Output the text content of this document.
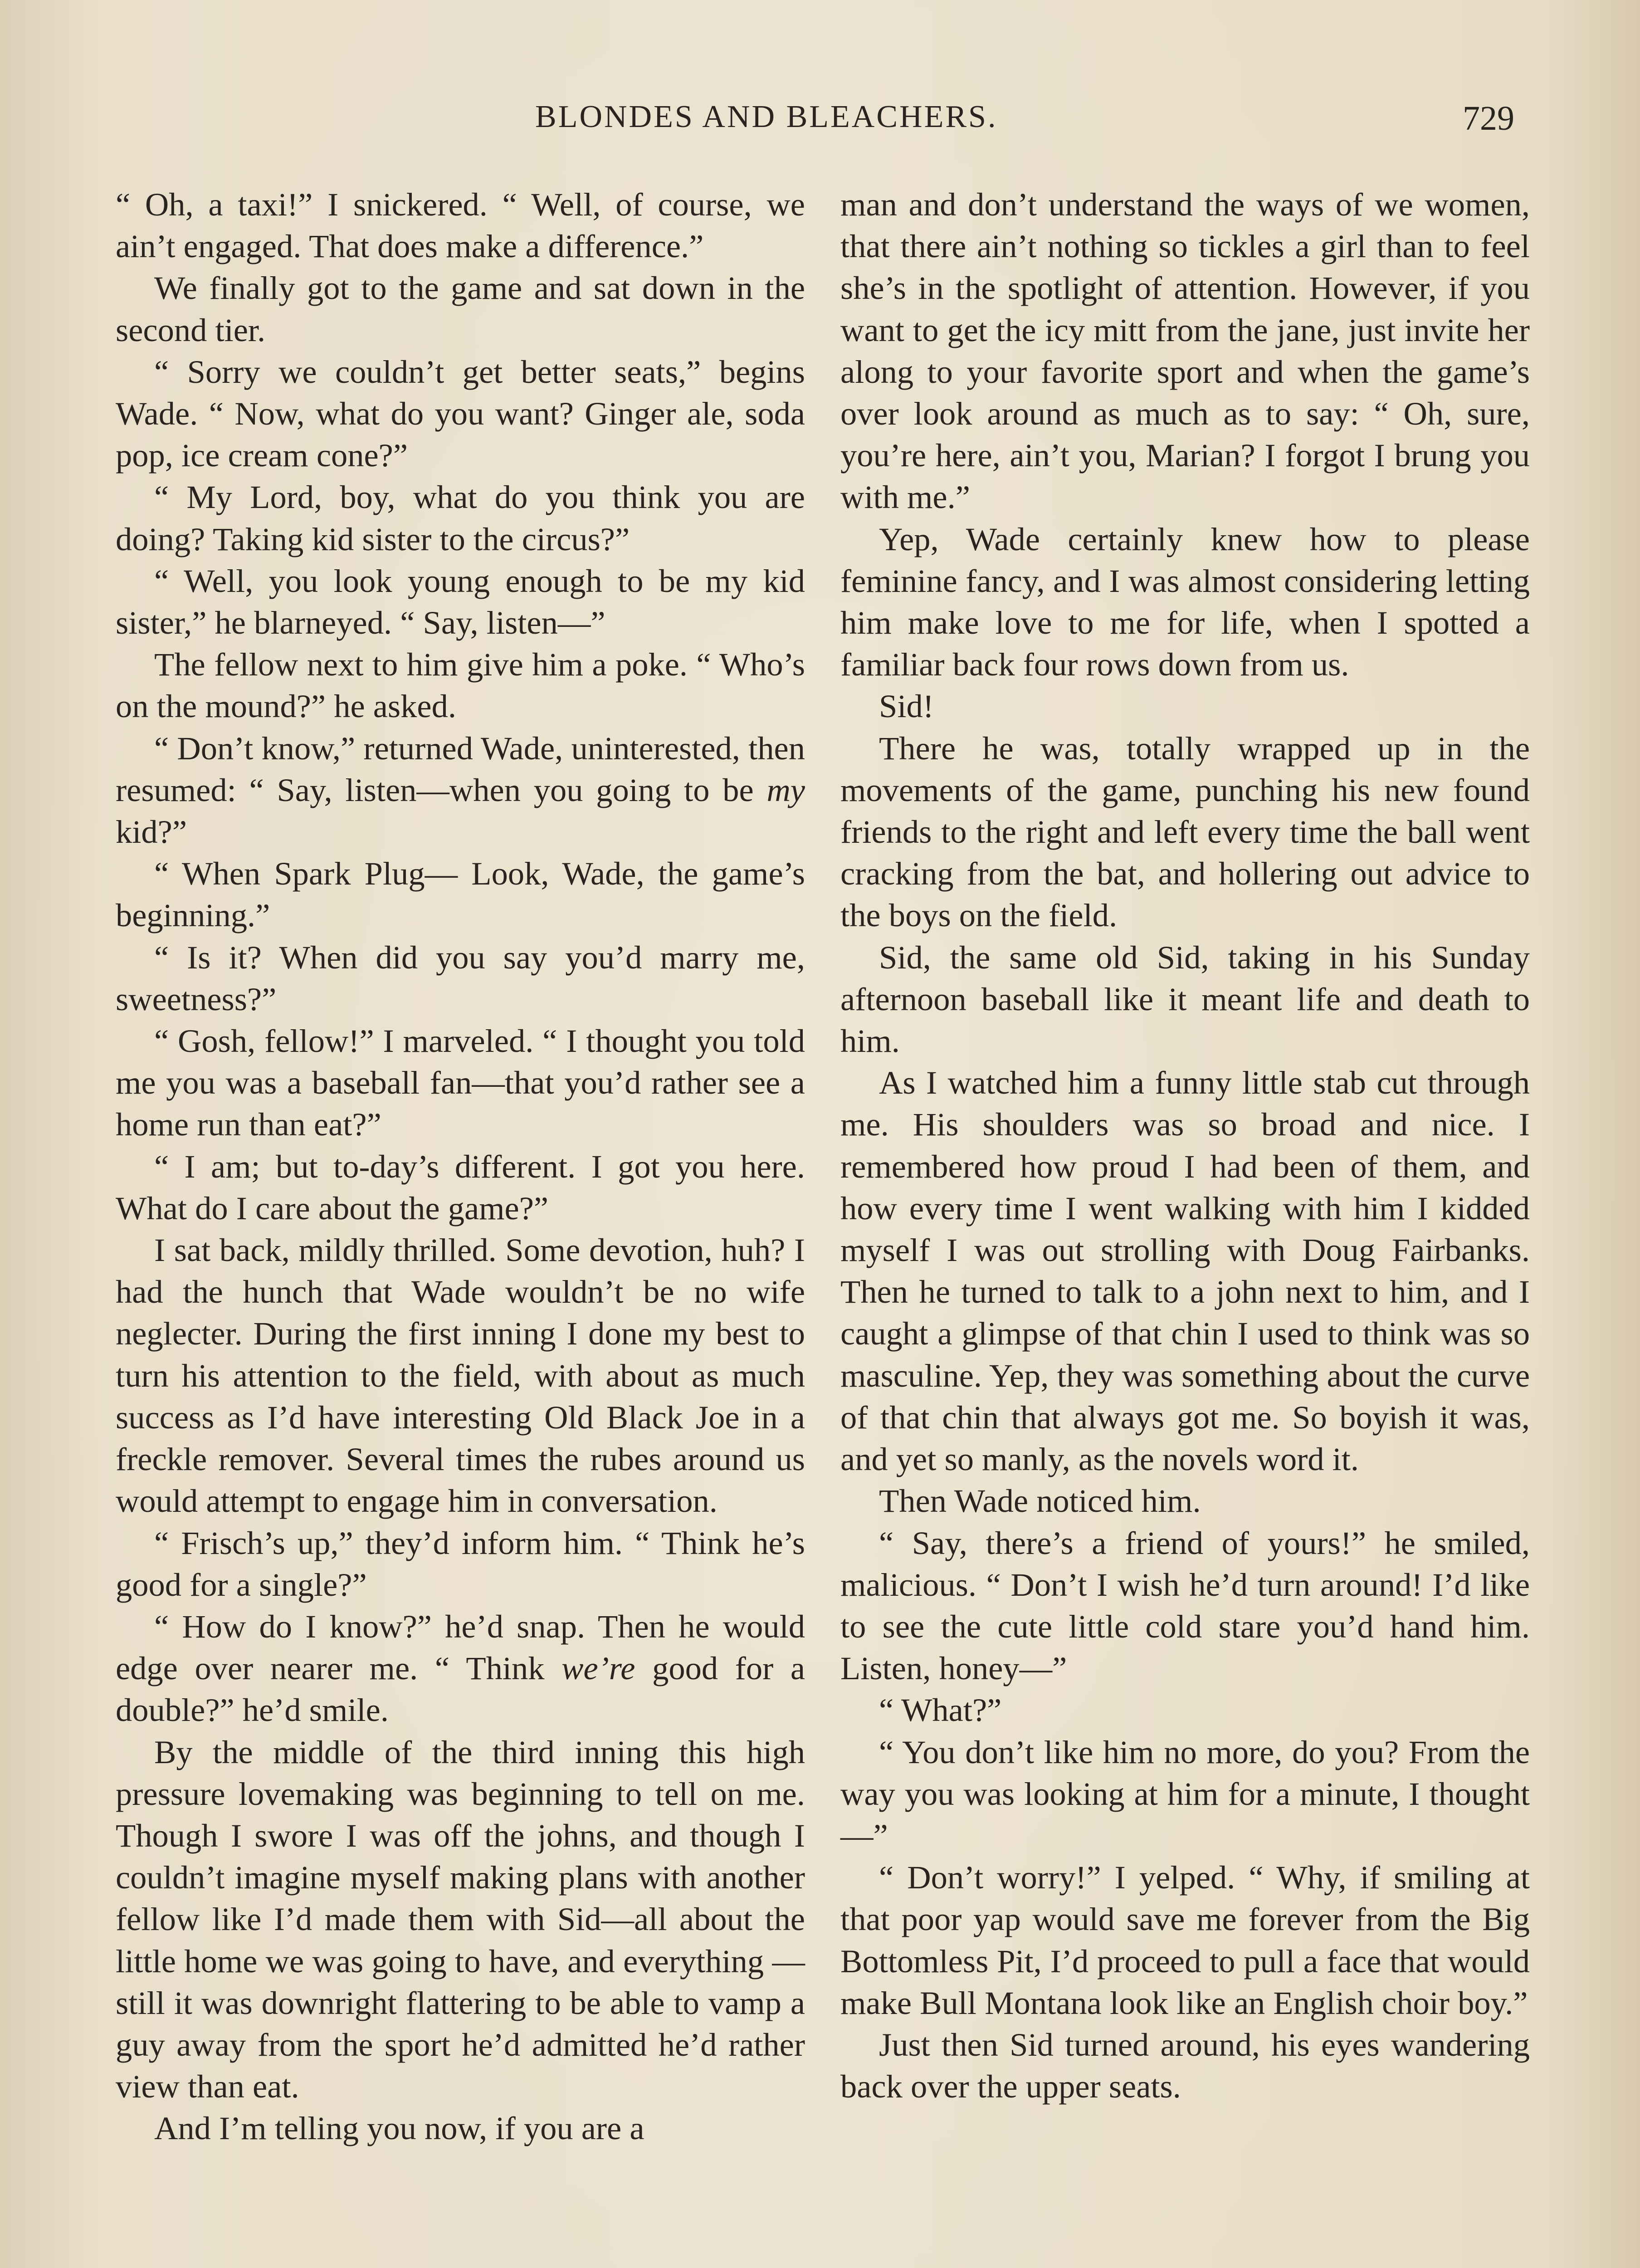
BLONDES AND BLEACHERS.	729

“ Oh, a taxi!” I snickered. “ Well, of course, we ain’t engaged. That does make a difference.”

We finally got to the game and sat down in the second tier.

“ Sorry we couldn’t get better seats,” begins Wade. “ Now, what do you want? Ginger ale, soda pop, ice cream cone?”

“ My Lord, boy, what do you think you are doing? Taking kid sister to the circus?”

“ Well, you look young enough to be my kid sister,” he blarneyed. “ Say, listen—”

The fellow next to him give him a poke. “ Who’s on the mound?” he asked.

“ Don’t know,” returned Wade, uninterested, then resumed: “ Say, listen—when you going to be my kid?”

“ When Spark Plug— Look, Wade, the game’s beginning.”

“ Is it? When did you say you’d marry me, sweetness?”

“ Gosh, fellow!” I marveled. “ I thought you told me you was a baseball fan—that you’d rather see a home run than eat?”

“ I am; but to-day’s different. I got you here. What do I care about the game?”

I sat back, mildly thrilled. Some devotion, huh? I had the hunch that Wade wouldn’t be no wife neglecter. During the first inning I done my best to turn his attention to the field, with about as much success as I’d have interesting Old Black Joe in a freckle remover. Several times the rubes around us would attempt to engage him in conversation.

“ Frisch’s up,” they’d inform him. “ Think he’s good for a single?”

“ How do I know?” he’d snap. Then he would edge over nearer me. “ Think we’re good for a double?” he’d smile.

By the middle of the third inning this high pressure lovemaking was beginning to tell on me. Though I swore I was off the johns, and though I couldn’t imagine myself making plans with another fellow like I’d made them with Sid—all about the little home we was going to have, and everything —still it was downright flattering to be able to vamp a guy away from the sport he’d admitted he’d rather view than eat.

And I’m telling you now, if you are a

man and don’t understand the ways of we women, that there ain’t nothing so tickles a girl than to feel she’s in the spotlight of attention. However, if you want to get the icy mitt from the jane, just invite her along to your favorite sport and when the game’s over look around as much as to say: “ Oh, sure, you’re here, ain’t you, Marian? I forgot I brung you with me.”

Yep, Wade certainly knew how to please feminine fancy, and I was almost considering letting him make love to me for life, when I spotted a familiar back four rows down from us.

Sid!

There he was, totally wrapped up in the movements of the game, punching his new found friends to the right and left every time the ball went cracking from the bat, and hollering out advice to the boys on the field.

Sid, the same old Sid, taking in his Sunday afternoon baseball like it meant life and death to him.

As I watched him a funny little stab cut through me. His shoulders was so broad and nice. I remembered how proud I had been of them, and how every time I went walking with him I kidded myself I was out strolling with Doug Fairbanks. Then he turned to talk to a john next to him, and I caught a glimpse of that chin I used to think was so masculine. Yep, they was something about the curve of that chin that always got me. So boyish it was, and yet so manly, as the novels word it.

Then Wade noticed him.

“ Say, there’s a friend of yours!” he smiled, malicious. “ Don’t I wish he’d turn around! I’d like to see the cute little cold stare you’d hand him. Listen, honey—”

“ What?”

“ You don’t like him no more, do you? From the way you was looking at him for a minute, I thought—”

“ Don’t worry!” I yelped. “ Why, if smiling at that poor yap would save me forever from the Big Bottomless Pit, I’d proceed to pull a face that would make Bull Montana look like an English choir boy.”

Just then Sid turned around, his eyes wandering back over the upper seats.
